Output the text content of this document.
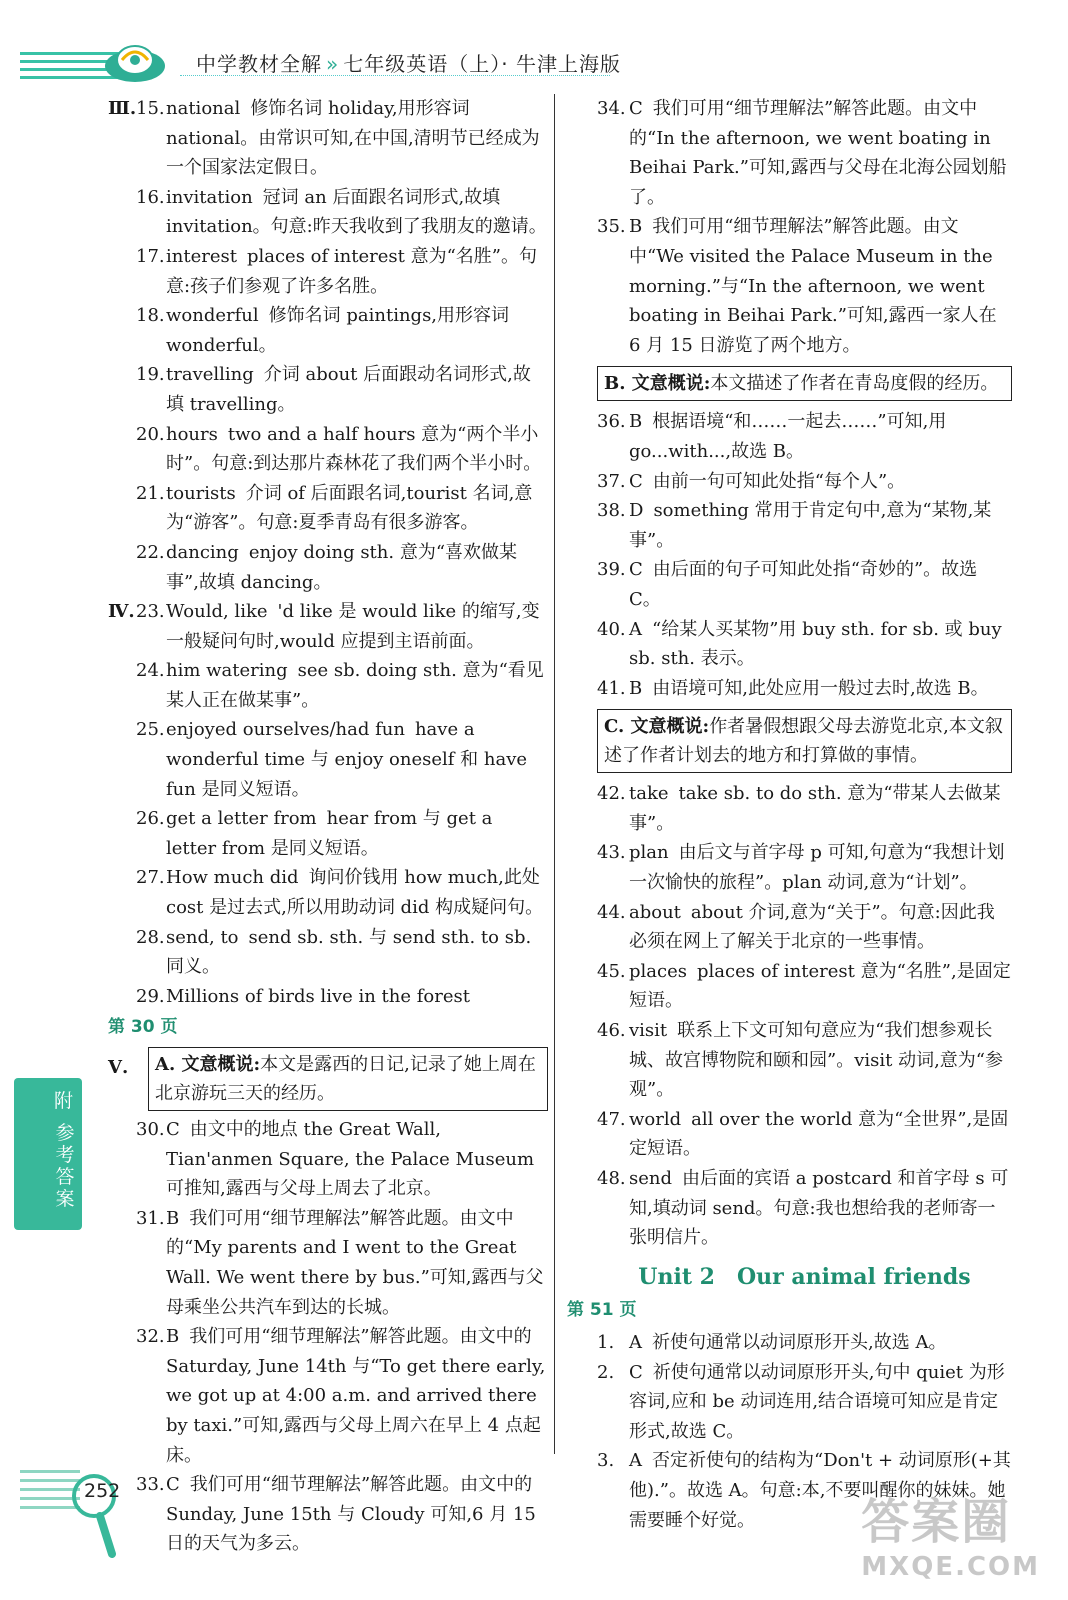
中学教材全解 » 七年级英语（上）· 牛津上海版
Ⅲ. 15. national 修饰名词 holiday,用形容词 national。由常识可知,在中国,清明节已经成为一个国家法定假日。
16. invitation 冠词 an 后面跟名词形式,故填 invitation。句意:昨天我收到了我朋友的邀请。
17. interest places of interest 意为“名胜”。句意:孩子们参观了许多名胜。
18. wonderful 修饰名词 paintings,用形容词 wonderful。
19. travelling 介词 about 后面跟动名词形式,故填 travelling。
20. hours two and a half hours 意为“两个半小时”。句意:到达那片森林花了我们两个半小时。
21. tourists 介词 of 后面跟名词,tourist 名词,意为“游客”。句意:夏季青岛有很多游客。
22. dancing enjoy doing sth. 意为“喜欢做某事”,故填 dancing。
Ⅳ. 23. Would, like 'd like 是 would like 的缩写,变一般疑问句时,would 应提到主语前面。
24. him watering see sb. doing sth. 意为“看见某人正在做某事”。
25. enjoyed ourselves/had fun have a wonderful time 与 enjoy oneself 和 have fun 是同义短语。
26. get a letter from hear from 与 get a letter from 是同义短语。
27. How much did 询问价钱用 how much,此处 cost 是过去式,所以用助动词 did 构成疑问句。
28. send, to send sb. sth. 与 send sth. to sb. 同义。
29. Millions of birds live in the forest
第 30 页
Ⅴ.	A. 文意概说:本文是露西的日记,记录了她上周在北京游玩三天的经历。
30. C 由文中的地点 the Great Wall, Tian'anmen Square, the Palace Museum 可推知,露西与父母上周去了北京。
31. B 我们可用“细节理解法”解答此题。由文中的“My parents and I went to the Great Wall. We went there by bus.”可知,露西与父母乘坐公共汽车到达的长城。
32. B 我们可用“细节理解法”解答此题。由文中的 Saturday, June 14th 与“To get there early, we got up at 4:00 a.m. and arrived there by taxi.”可知,露西与父母上周六在早上 4 点起床。
33. C 我们可用“细节理解法”解答此题。由文中的 Sunday, June 15th 与 Cloudy 可知,6 月 15 日的天气为多云。
34. C 我们可用“细节理解法”解答此题。由文中的“In the afternoon, we went boating in Beihai Park.”可知,露西与父母在北海公园划船了。
35. B 我们可用“细节理解法”解答此题。由文中“We visited the Palace Museum in the morning.”与“In the afternoon, we went boating in Beihai Park.”可知,露西一家人在 6 月 15 日游览了两个地方。
B. 文意概说:本文描述了作者在青岛度假的经历。
36. B 根据语境“和……一起去……”可知,用 go...with...,故选 B。
37. C 由前一句可知此处指“每个人”。
38. D something 常用于肯定句中,意为“某物,某事”。
39. C 由后面的句子可知此处指“奇妙的”。故选 C。
40. A “给某人买某物”用 buy sth. for sb. 或 buy sb. sth. 表示。
41. B 由语境可知,此处应用一般过去时,故选 B。
C. 文意概说:作者暑假想跟父母去游览北京,本文叙述了作者计划去的地方和打算做的事情。
42. take take sb. to do sth. 意为“带某人去做某事”。
43. plan 由后文与首字母 p 可知,句意为“我想计划一次愉快的旅程”。plan 动词,意为“计划”。
44. about about 介词,意为“关于”。句意:因此我必须在网上了解关于北京的一些事情。
45. places places of interest 意为“名胜”,是固定短语。
46. visit 联系上下文可知句意应为“我们想参观长城、故宫博物院和颐和园”。visit 动词,意为“参观”。
47. world all over the world 意为“全世界”,是固定短语。
48. send 由后面的宾语 a postcard 和首字母 s 可知,填动词 send。句意:我也想给我的老师寄一张明信片。
Unit 2 Our animal friends
第 51 页
1. A 祈使句通常以动词原形开头,故选 A。
2. C 祈使句通常以动词原形开头,句中 quiet 为形容词,应和 be 动词连用,结合语境可知应是肯定形式,故选 C。
3. A 否定祈使句的结构为“Don't + 动词原形(+其他).”。故选 A。句意:本,不要叫醒你的妹妹。她需要睡个好觉。
附
参考答案
252
答案圈
MXQE.COM
